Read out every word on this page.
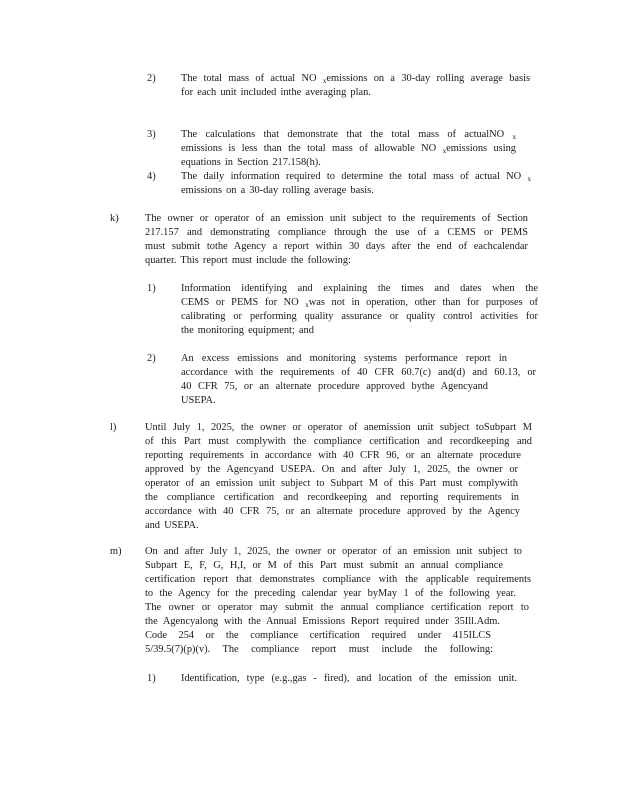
2) The total mass of actual NO $_x$emissions on a 30-day rolling average basis
for each unit included inthe averaging plan.
3) The calculations that demonstrate that the total mass of actualNO $_x$
emissions is less than the total mass of allowable NO $_x$emissions using
equations in Section 217.158(h).
4) The daily information required to determine the total mass of actual NO $_x$
emissions on a 30-day rolling average basis.
k)	The owner or operator of an emission unit subject to the requirements of Section
217.157 and demonstrating compliance through the use of a CEMS or PEMS
must submit tothe Agency a report within 30 days after the end of eachcalendar
quarter. This report must include the following:
1) Information identifying and explaining the times and dates when the
CEMS or PEMS for NO $_x$was not in operation, other than for purposes of
calibrating or performing quality assurance or quality control activities for
the monitoring equipment; and
2) An excess emissions and monitoring systems performance report in
accordance with the requirements of 40 CFR 60.7(c) and(d) and 60.13, or
40 CFR 75, or an alternate procedure approved bythe Agencyand
USEPA.
l)	Until July 1, 2025, the owner or operator of anemission unit subject toSubpart M
of this Part must complywith the compliance certification and recordkeeping and
reporting requirements in accordance with 40 CFR 96, or an alternate procedure
approved by the Agencyand USEPA. On and after July 1, 2025, the owner or
operator of an emission unit subject to Subpart M of this Part must complywith
the compliance certification and recordkeeping and reporting requirements in
accordance with 40 CFR 75, or an alternate procedure approved by the Agency
and USEPA.
m) On and after July 1, 2025, the owner or operator of an emission unit subject to
Subpart E, F, G, H,I, or M of this Part must submit an annual compliance
certification report that demonstrates compliance with the applicable requirements
to the Agency for the preceding calendar year byMay 1 of the following year.
The owner or operator may submit the annual compliance certification report to
the Agencyalong with the Annual Emissions Report required under 35Ill.Adm.
Code 254 or the compliance certification required under 415ILCS
5/39.5(7)(p)(v). The compliance report must include the following:
1) Identification, type (e.g.,gas - fired), and location of the emission unit.
